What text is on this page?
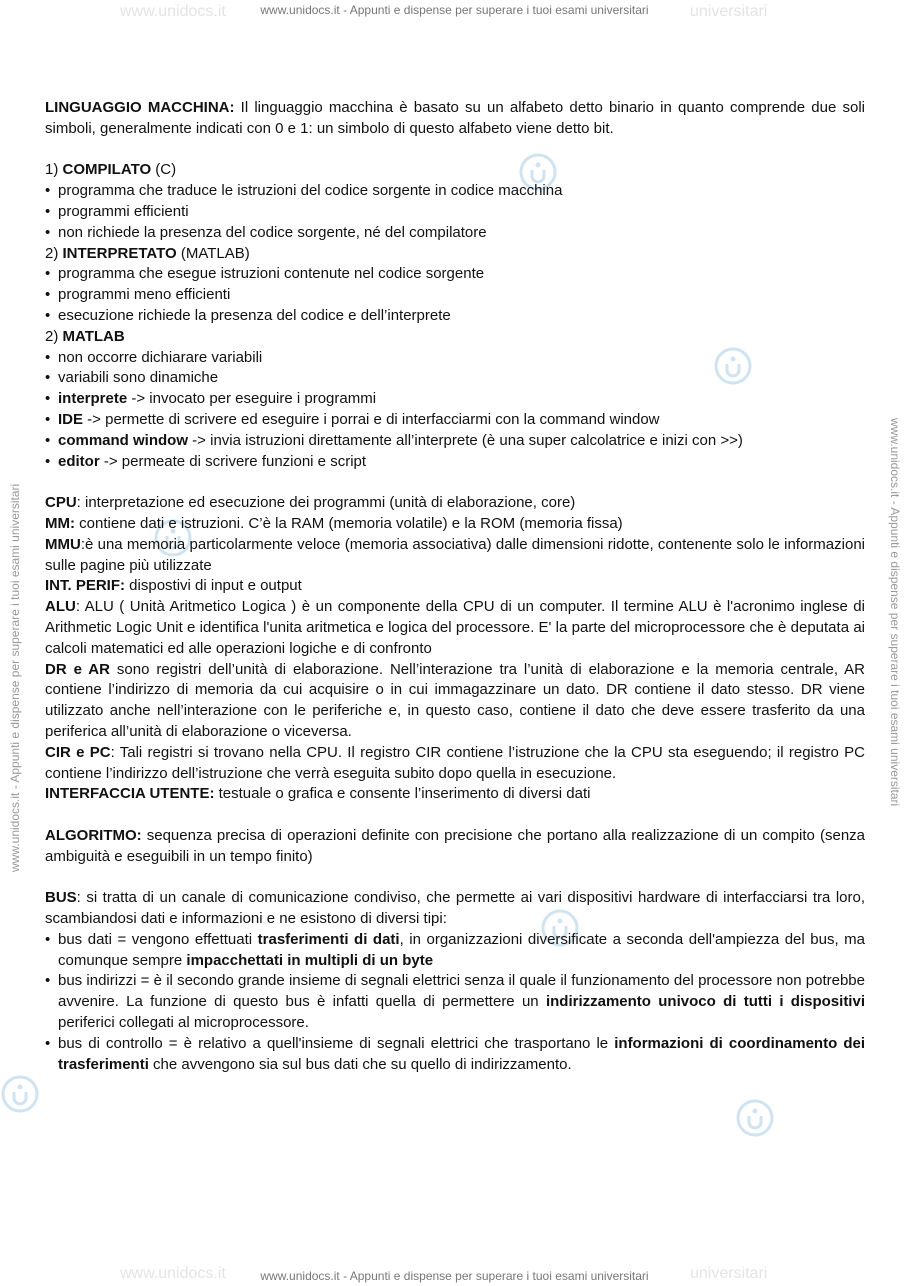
www.unidocs.it	universitari
www.unidocs.it - Appunti e dispense per superare i tuoi esami universitari
www.unidocs.it	universitari
www.unidocs.it - Appunti e dispense per superare i tuoi esami universitari
www.unidocs.it - Appunti e dispense per superare i tuoi esami universitari	www.unidocs.it - Appunti e dispense per superare i tuoi esami universitari

LINGUAGGIO MACCHINA: Il linguaggio macchina è basato su un alfabeto detto binario in quanto comprende due soli simboli, generalmente indicati con 0 e 1: un simbolo di questo alfabeto viene detto bit.

1) COMPILATO (C)

• programma che traduce le istruzioni del codice sorgente in codice macchina
• programmi efficienti
• non richiede la presenza del codice sorgente, né del compilatore

2) INTERPRETATO (MATLAB)

• programma che esegue istruzioni contenute nel codice sorgente
• programmi meno efficienti
• esecuzione richiede la presenza del codice e dell’interprete

2) MATLAB

• non occorre dichiarare variabili
• variabili sono dinamiche
• interprete -> invocato per eseguire i programmi
• IDE -> permette di scrivere ed eseguire i porrai e di interfacciarmi con la command window
• command window -> invia istruzioni direttamente all’interprete (è una super calcolatrice e inizi con >>)
• editor -> permeate di scrivere funzioni e script

CPU: interpretazione ed esecuzione dei programmi (unità di elaborazione, core)

MM: contiene dati e istruzioni. C’è la RAM (memoria volatile) e la ROM (memoria fissa)

MMU:è una memoria particolarmente veloce (memoria associativa) dalle dimensioni ridotte, contenente solo le informazioni sulle pagine più utilizzate

INT. PERIF: dispostivi di input e output

ALU: ALU ( Unità Aritmetico Logica ) è un componente della CPU di un computer. Il termine ALU è l'acronimo inglese di Arithmetic Logic Unit e identifica l'unita aritmetica e logica del processore. E' la parte del microprocessore che è deputata ai calcoli matematici ed alle operazioni logiche e di confronto

DR e AR sono registri dell’unità di elaborazione. Nell’interazione tra l’unità di elaborazione e la memoria centrale, AR contiene l’indirizzo di memoria da cui acquisire o in cui immagazzinare un dato. DR contiene il dato stesso. DR viene utilizzato anche nell’interazione con le periferiche e, in questo caso, contiene il dato che deve essere trasferito da una periferica all’unità di elaborazione o viceversa.

CIR e PC: Tali registri si trovano nella CPU. Il registro CIR contiene l’istruzione che la CPU sta eseguendo; il registro PC contiene l’indirizzo dell’istruzione che verrà eseguita subito dopo quella in esecuzione.

INTERFACCIA UTENTE: testuale o grafica e consente l’inserimento di diversi dati

ALGORITMO: sequenza precisa di operazioni definite con precisione che portano alla realizzazione di un compito (senza ambiguità e eseguibili in un tempo finito)

BUS: si tratta di un canale di comunicazione condiviso, che permette ai vari dispositivi hardware di interfacciarsi tra loro, scambiandosi dati e informazioni e ne esistono di diversi tipi:

• bus dati = vengono effettuati trasferimenti di dati, in organizzazioni diversificate a seconda dell'ampiezza del bus, ma comunque sempre impacchettati in multipli di un byte
• bus indirizzi = è il secondo grande insieme di segnali elettrici senza il quale il funzionamento del processore non potrebbe avvenire. La funzione di questo bus è infatti quella di permettere un indirizzamento univoco di tutti i dispositivi periferici collegati al microprocessore.
• bus di controllo = è relativo a quell'insieme di segnali elettrici che trasportano le informazioni di coordinamento dei trasferimenti che avvengono sia sul bus dati che su quello di indirizzamento.
